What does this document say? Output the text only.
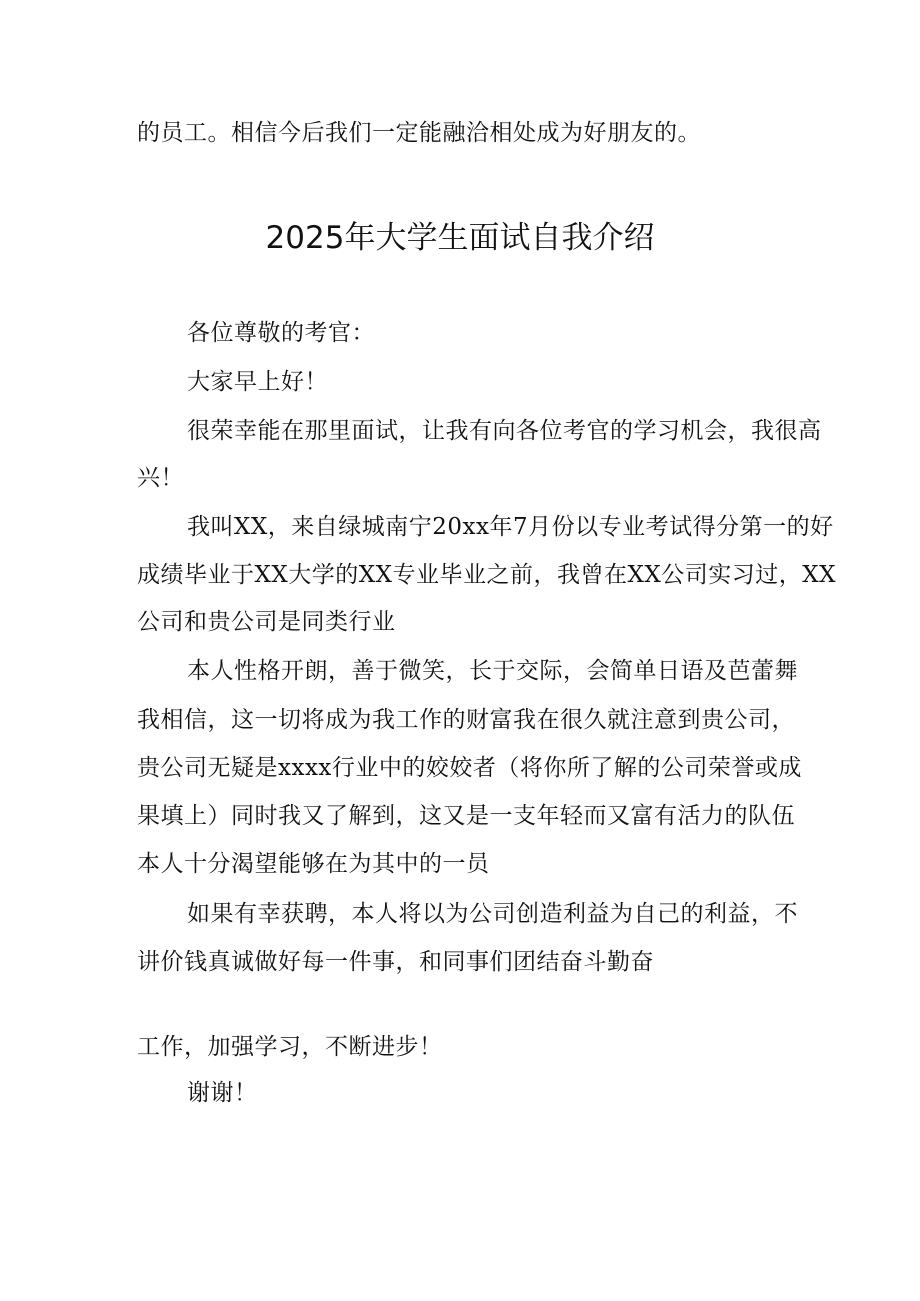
的员工。相信今后我们一定能融洽相处成为好朋友的。
2025年大学生面试自我介绍
各位尊敬的考官：
大家早上好！
很荣幸能在那里面试，让我有向各位考官的学习机会，我很高
兴！
我叫XX，来自绿城南宁20xx年7月份以专业考试得分第一的好
成绩毕业于XX大学的XX专业毕业之前，我曾在XX公司实习过，XX
公司和贵公司是同类行业
本人性格开朗，善于微笑，长于交际，会简单日语及芭蕾舞
我相信，这一切将成为我工作的财富我在很久就注意到贵公司，
贵公司无疑是xxxx行业中的姣姣者（将你所了解的公司荣誉或成
果填上）同时我又了解到，这又是一支年轻而又富有活力的队伍
本人十分渴望能够在为其中的一员
如果有幸获聘，本人将以为公司创造利益为自己的利益，不
讲价钱真诚做好每一件事，和同事们团结奋斗勤奋
工作，加强学习，不断进步！
谢谢！
